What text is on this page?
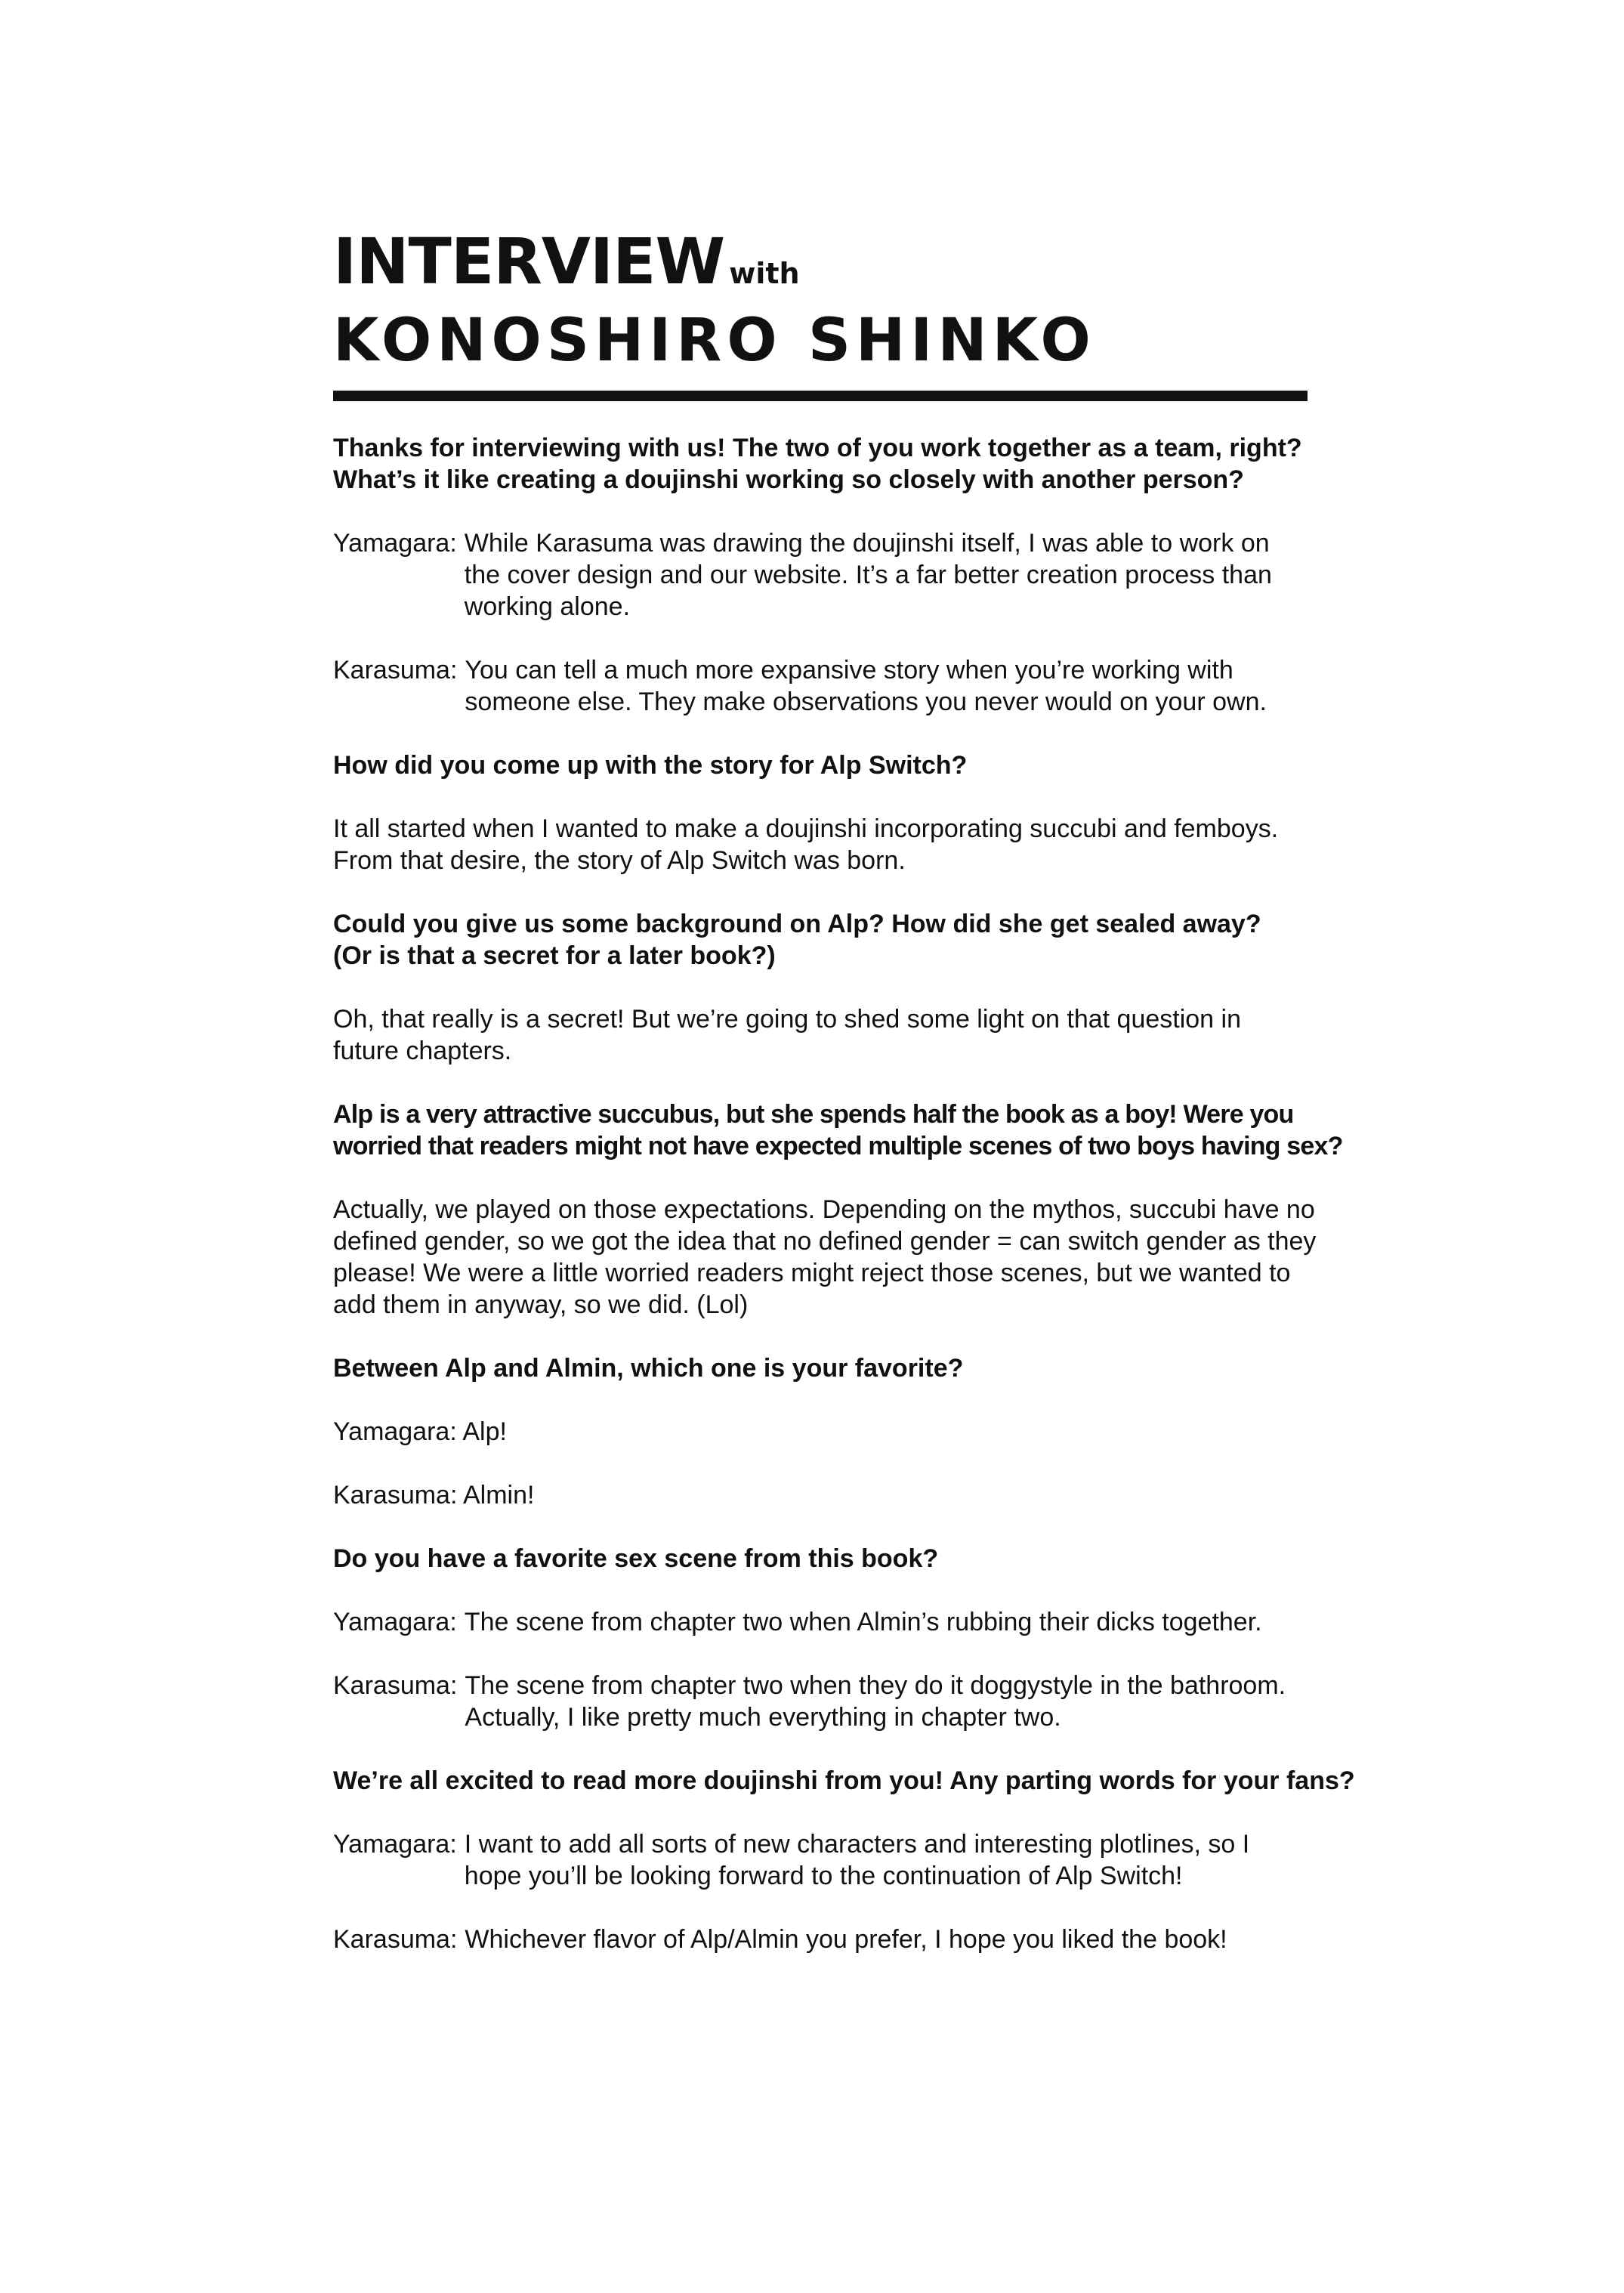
INTERVIEW with
KONOSHIRO SHINKO
Thanks for interviewing with us! The two of you work together as a team, right?
What’s it like creating a doujinshi working so closely with another person?
Yamagara: While Karasuma was drawing the doujinshi itself, I was able to work on
the cover design and our website. It’s a far better creation process than
working alone.
Karasuma: You can tell a much more expansive story when you’re working with
someone else. They make observations you never would on your own.
How did you come up with the story for Alp Switch?
It all started when I wanted to make a doujinshi incorporating succubi and femboys.
From that desire, the story of Alp Switch was born.
Could you give us some background on Alp? How did she get sealed away?
(Or is that a secret for a later book?)
Oh, that really is a secret! But we’re going to shed some light on that question in
future chapters.
Alp is a very attractive succubus, but she spends half the book as a boy! Were you
worried that readers might not have expected multiple scenes of two boys having sex?
Actually, we played on those expectations. Depending on the mythos, succubi have no
defined gender, so we got the idea that no defined gender = can switch gender as they
please! We were a little worried readers might reject those scenes, but we wanted to
add them in anyway, so we did. (Lol)
Between Alp and Almin, which one is your favorite?
Yamagara: Alp!
Karasuma: Almin!
Do you have a favorite sex scene from this book?
Yamagara: The scene from chapter two when Almin’s rubbing their dicks together.
Karasuma: The scene from chapter two when they do it doggystyle in the bathroom.
Actually, I like pretty much everything in chapter two.
We’re all excited to read more doujinshi from you! Any parting words for your fans?
Yamagara: I want to add all sorts of new characters and interesting plotlines, so I
hope you’ll be looking forward to the continuation of Alp Switch!
Karasuma: Whichever flavor of Alp/Almin you prefer, I hope you liked the book!
